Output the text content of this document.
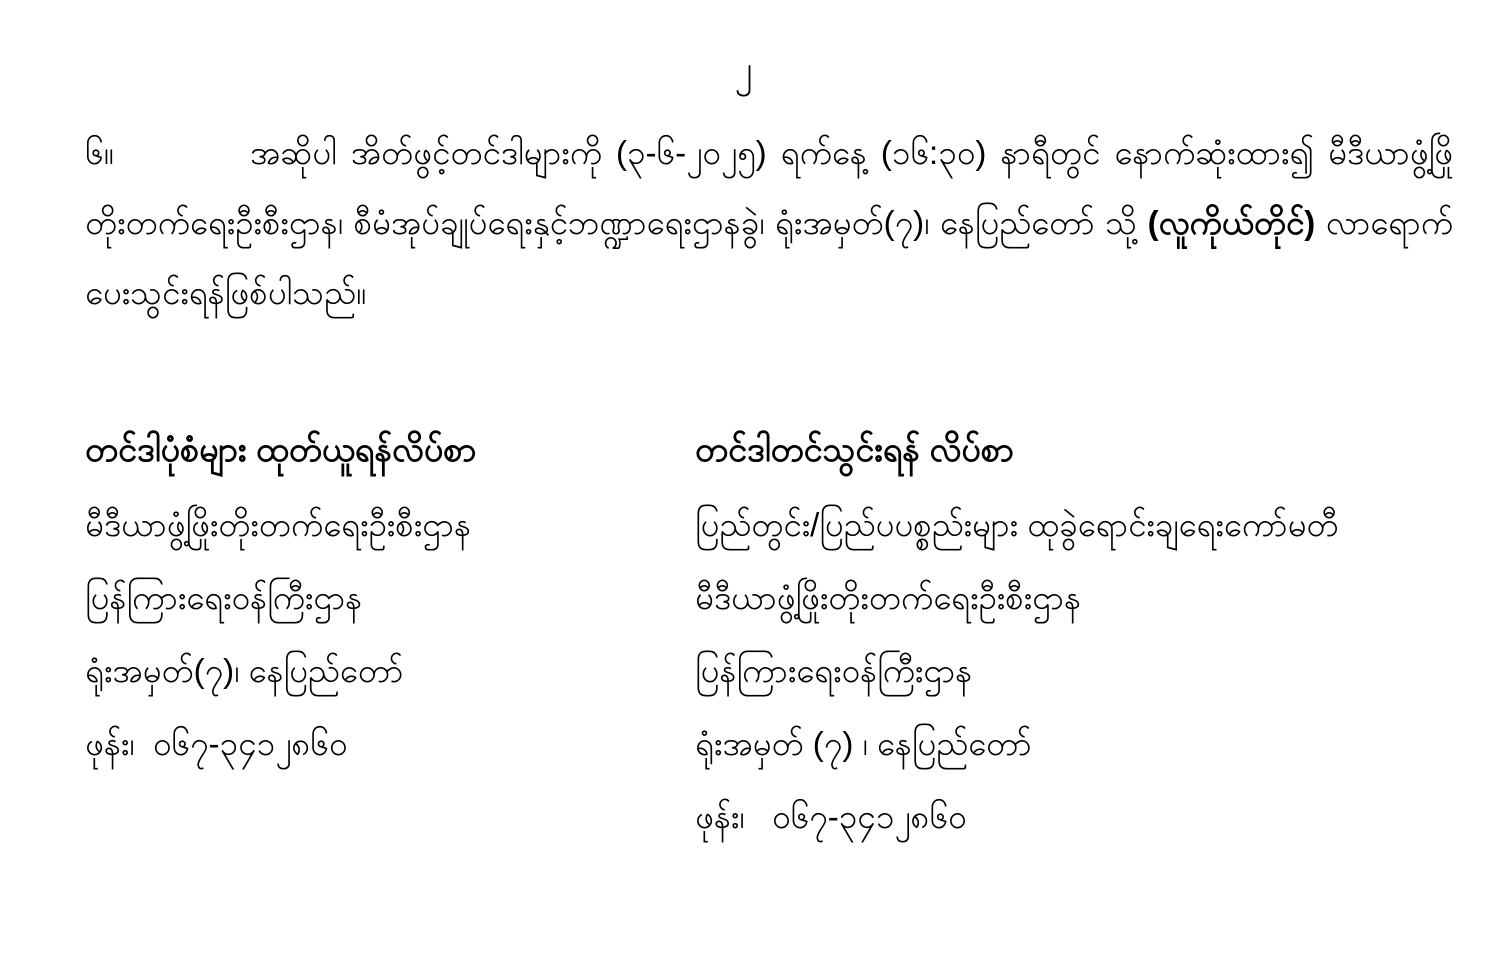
၂

၆။	အဆိုပါ အိတ်ဖွင့်တင်ဒါများကို (၃-၆-၂၀၂၅) ရက်နေ့ (၁၆:၃၀) နာရီတွင် နောက်ဆုံးထား၍ မီဒီယာဖွံ့ဖြိုတိုးတက်ရေးဦးစီးဌာန၊ စီမံအုပ်ချုပ်ရေးနှင့်ဘဏ္ဍာရေးဌာနခွဲ၊ ရုံးအမှတ်(၇)၊ နေပြည်တော် သို့ (လူကိုယ်တိုင်) လာရောက် ပေးသွင်းရန်ဖြစ်ပါသည်။

တင်ဒါပုံစံများ ထုတ်ယူရန်လိပ်စာ
မီဒီယာဖွံ့ဖြိုးတိုးတက်ရေးဦးစီးဌာန
ပြန်ကြားရေးဝန်ကြီးဌာန
ရုံးအမှတ်(၇)၊ နေပြည်တော်
ဖုန်း၊  ၀၆၇-၃၄၁၂၈၆၀
တင်ဒါတင်သွင်းရန် လိပ်စာ
ပြည်တွင်း/ပြည်ပပစ္စည်းများ ထုခွဲရောင်းချရေးကော်မတီ
မီဒီယာဖွံ့ဖြိုးတိုးတက်ရေးဦးစီးဌာန
ပြန်ကြားရေးဝန်ကြီးဌာန
ရုံးအမှတ် (၇) ၊ နေပြည်တော်
ဖုန်း၊   ၀၆၇-၃၄၁၂၈၆၀
